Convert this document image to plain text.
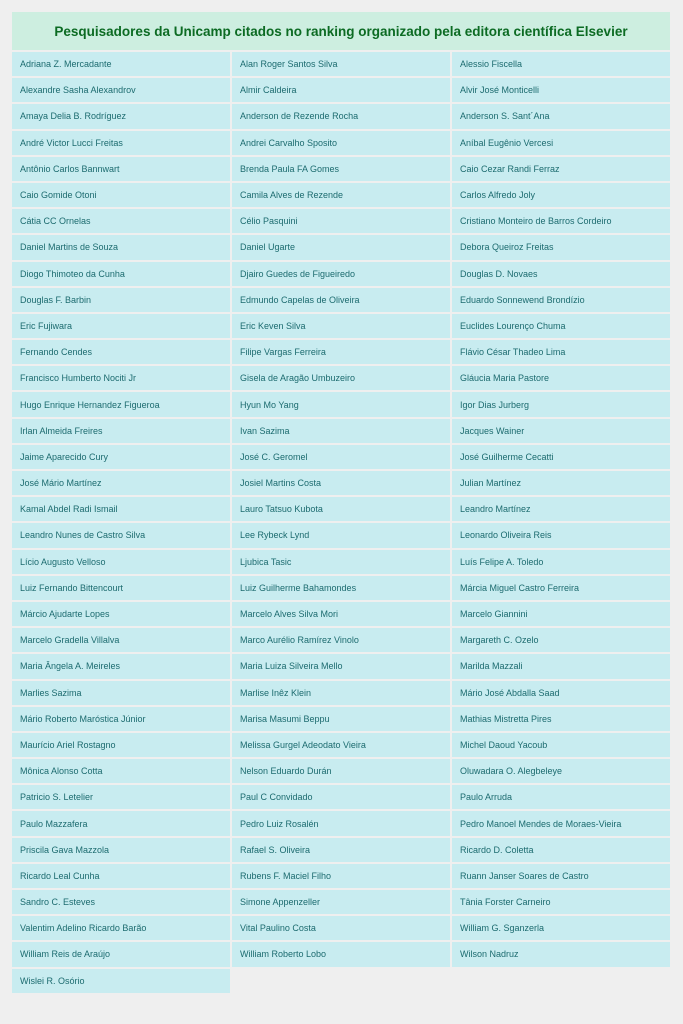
Pesquisadores da Unicamp citados no ranking organizado pela editora científica Elsevier
Adriana Z. Mercadante	Alan Roger Santos Silva	Alessio Fiscella
Alexandre Sasha Alexandrov	Almir Caldeira	Alvir José Monticelli
Amaya Delia B. Rodríguez	Anderson de Rezende Rocha	Anderson S. Sant´Ana
André Victor Lucci Freitas	Andrei Carvalho Sposito	Aníbal Eugênio Vercesi
Antônio Carlos Bannwart	Brenda Paula FA Gomes	Caio Cezar Randi Ferraz
Caio Gomide Otoni	Camila Alves de Rezende	Carlos Alfredo Joly
Cátia CC Ornelas	Célio Pasquini	Cristiano Monteiro de Barros Cordeiro
Daniel Martins de Souza	Daniel Ugarte	Debora Queiroz Freitas
Diogo Thimoteo da Cunha	Djairo Guedes de Figueiredo	Douglas D. Novaes
Douglas F. Barbin	Edmundo Capelas de Oliveira	Eduardo Sonnewend Brondízio
Eric Fujiwara	Eric Keven Silva	Euclides Lourenço Chuma
Fernando Cendes	Filipe Vargas Ferreira	Flávio César Thadeo Lima
Francisco Humberto Nociti Jr	Gisela de Aragão Umbuzeiro	Gláucia Maria Pastore
Hugo Enrique Hernandez Figueroa	Hyun Mo Yang	Igor Dias Jurberg
Irlan Almeida Freires	Ivan Sazima	Jacques Wainer
Jaime Aparecido Cury	José C. Geromel	José Guilherme Cecatti
José Mário Martínez	Josiel Martins Costa	Julian Martínez
Kamal Abdel Radi Ismail	Lauro Tatsuo Kubota	Leandro Martínez
Leandro Nunes de Castro Silva	Lee Rybeck Lynd	Leonardo Oliveira Reis
Lício Augusto Velloso	Ljubica Tasic	Luís Felipe A. Toledo
Luiz Fernando Bittencourt	Luiz Guilherme Bahamondes	Márcia Miguel Castro Ferreira
Márcio Ajudarte Lopes	Marcelo Alves Silva Mori	Marcelo Giannini
Marcelo Gradella Villalva	Marco Aurélio Ramírez Vinolo	Margareth C. Ozelo
Maria Ângela A. Meireles	Maria Luiza Silveira Mello	Marilda Mazzali
Marlies Sazima	Marlise Inêz Klein	Mário José Abdalla Saad
Mário Roberto Maróstica Júnior	Marisa Masumi Beppu	Mathias Mistretta Pires
Maurício Ariel Rostagno	Melissa Gurgel Adeodato Vieira	Michel Daoud Yacoub
Mônica Alonso Cotta	Nelson Eduardo Durán	Oluwadara O. Alegbeleye
Patricio S. Letelier	Paul C Convidado	Paulo Arruda
Paulo Mazzafera	Pedro Luiz Rosalén	Pedro Manoel Mendes de Moraes-Vieira
Priscila Gava Mazzola	Rafael S. Oliveira	Ricardo D. Coletta
Ricardo Leal Cunha	Rubens F. Maciel Filho	Ruann Janser Soares de Castro
Sandro C. Esteves	Simone Appenzeller	Tânia Forster Carneiro
Valentim Adelino Ricardo Barão	Vital Paulino Costa	William G. Sganzerla
William Reis de Araújo	William Roberto Lobo	Wilson Nadruz
Wislei R. Osório
